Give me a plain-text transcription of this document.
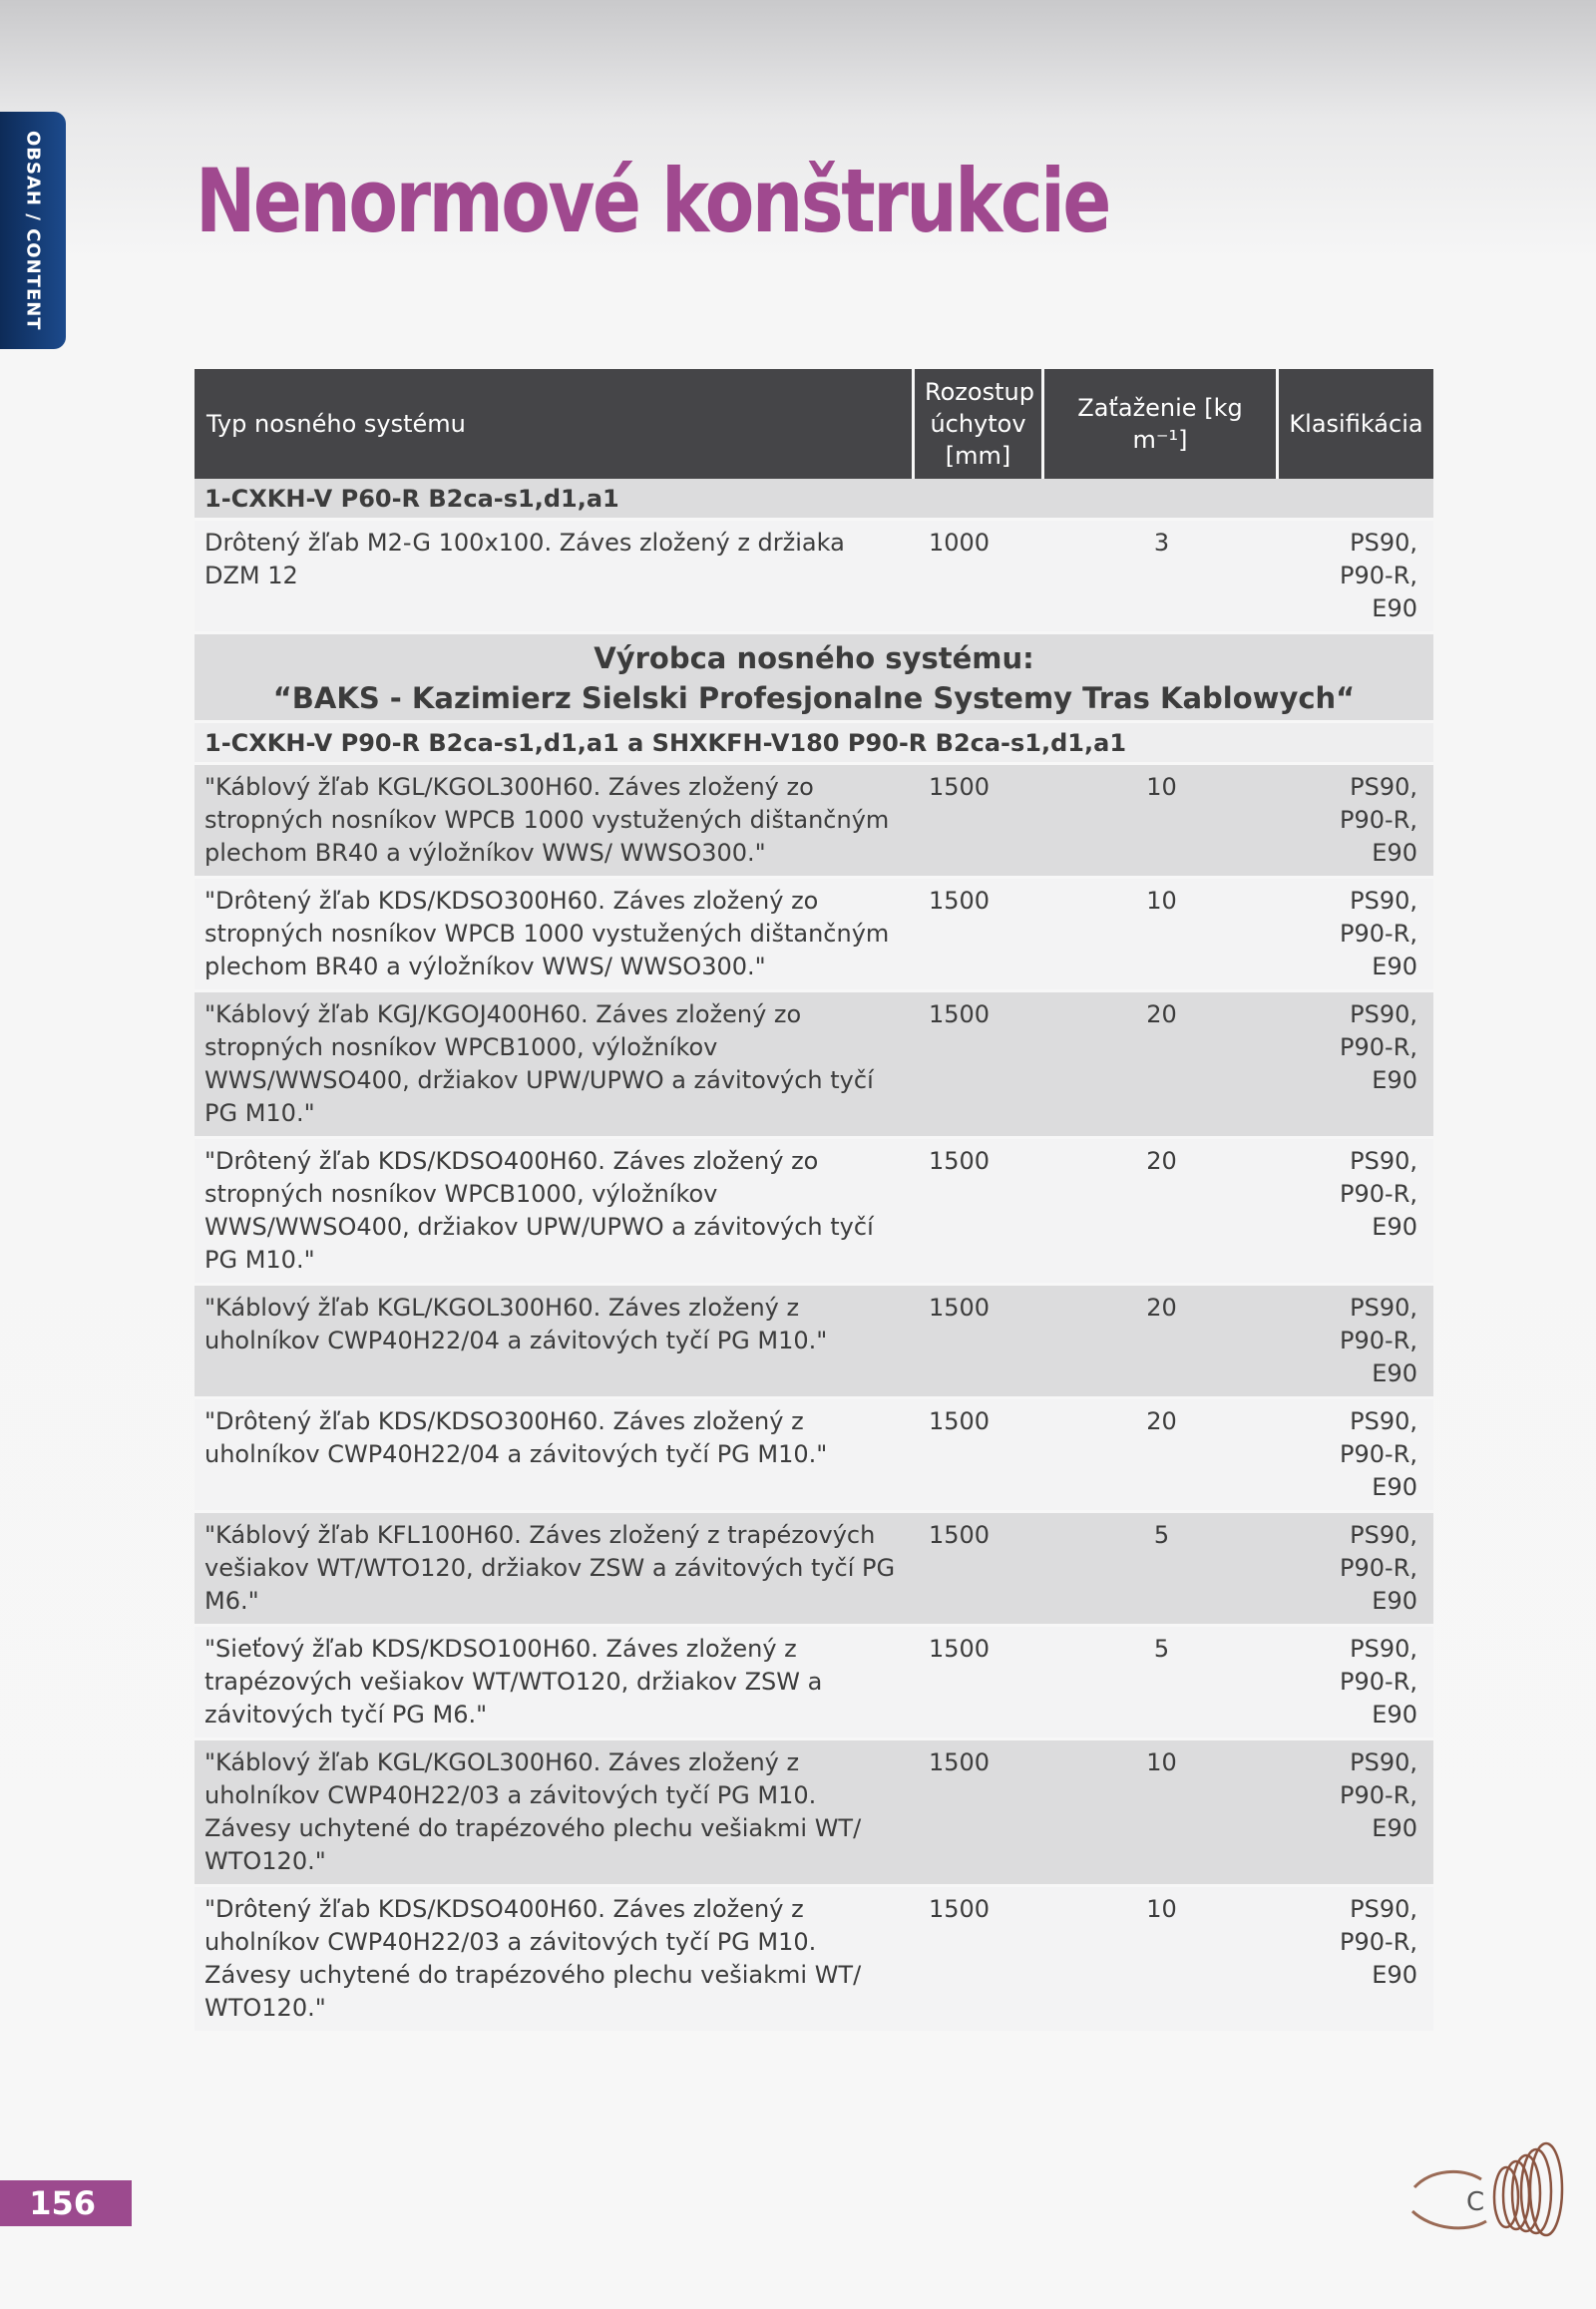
OBSAH / CONTENT Nenormové konštrukcie
Typ nosného systému	Rozostup úchytov [mm]	Zaťaženie [kg m⁻¹]	Klasifikácia
1-CXKH-V P60-R B2ca-s1,d1,a1			
Drôtený žľab M2-G 100x100. Záves zložený z držiaka DZM 12	1000	3	PS90, P90-R, E90

Výrobca nosného systému:
“BAKS - Kazimierz Sielski Profesjonalne Systemy Tras Kablowych“			

1-CXKH-V P90-R B2ca-s1,d1,a1 a SHXKFH-V180 P90-R B2ca-s1,d1,a1			
"Káblový žľab KGL/KGOL300H60. Záves zložený zo stropných nosníkov WPCB 1000 vystužených dištančným plechom BR40 a výložníkov WWS/ WWSO300."	1500	10	PS90, P90-R, E90
"Drôtený žľab KDS/KDSO300H60. Záves zložený zo stropných nosníkov WPCB 1000 vystužených dištančným plechom BR40 a výložníkov WWS/ WWSO300."	1500	10	PS90, P90-R, E90
"Káblový žľab KGJ/KGOJ400H60. Záves zložený zo stropných nosníkov WPCB1000, výložníkov WWS/WWSO400, držiakov UPW/UPWO a závitových tyčí PG M10."	1500	20	PS90, P90-R, E90
"Drôtený žľab KDS/KDSO400H60. Záves zložený zo stropných nosníkov WPCB1000, výložníkov WWS/WWSO400, držiakov UPW/UPWO a závitových tyčí PG M10."	1500	20	PS90, P90-R, E90
"Káblový žľab KGL/KGOL300H60. Záves zložený z uholníkov CWP40H22/04 a závitových tyčí PG M10."	1500	20	PS90, P90-R, E90
"Drôtený žľab KDS/KDSO300H60. Záves zložený z uholníkov CWP40H22/04 a závitových tyčí PG M10."	1500	20	PS90, P90-R, E90
"Káblový žľab KFL100H60. Záves zložený z trapézových vešiakov WT/WTO120, držiakov ZSW a závitových tyčí PG M6."	1500	5	PS90, P90-R, E90
"Sieťový žľab KDS/KDSO100H60. Záves zložený z trapézových vešiakov WT/WTO120, držiakov ZSW a závitových tyčí PG M6."	1500	5	PS90, P90-R, E90
"Káblový žľab KGL/KGOL300H60. Záves zložený z uholníkov CWP40H22/03 a závitových tyčí PG M10. Závesy uchytené do trapézového plechu vešiakmi WT/ WTO120."	1500	10	PS90, P90-R, E90
"Drôtený žľab KDS/KDSO400H60. Záves zložený z uholníkov CWP40H22/03 a závitových tyčí PG M10. Závesy uchytené do trapézového plechu vešiakmi WT/ WTO120."	1500	10	PS90, P90-R, E90
156	C
